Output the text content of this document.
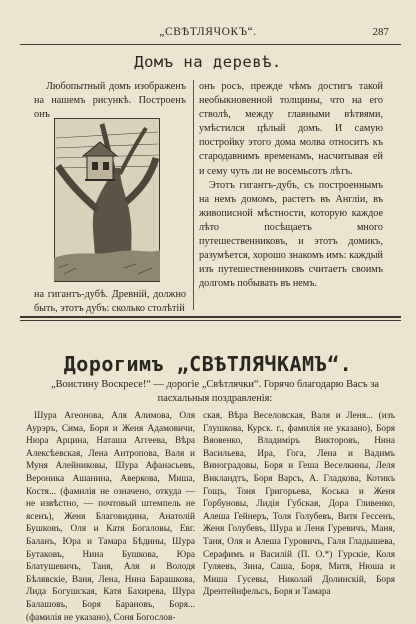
„СВѢТЛЯЧОКЪ“.	287
Домъ на деревѣ.

Любопытный домъ изображенъ на нашемъ рисункѣ. Построенъ онъ

на гигантъ-дубѣ. Древній, должно быть, этотъ дубъ: сколько столѣтій

онъ росъ, прежде чѣмъ достигъ такой необыкновенной толщины, что на его стволѣ, между главными вѣтвями, умѣстился цѣлый домъ. И самую постройку этого дома молва относитъ къ стародавнимъ временамъ, насчитывая ей и сему чуть ли не восемьсотъ лѣтъ.

Этотъ гигантъ-дубъ, съ построеннымъ на немъ домомъ, растетъ въ Англіи, въ живописной мѣстности, которую каждое лѣто посѣщаетъ много путешественниковъ, и этотъ домикъ, разумѣется, хорошо знакомъ имъ: каждый изъ путешественниковъ считаетъ своимъ долгомъ побывать въ немъ.

Дорогимъ „СВѢТЛЯЧКАМЪ“.
„Воистину Воскресе!“ — дорогіе „Свѣтлячки“. Горячо благодарю Васъ за пасхальныя поздравленія:
Шура Агеонова, Аля Алимова, Оля Аурэръ, Сима, Боря и Женя Адамовичи, Нюра Арцина, Наташа Аггеева, Вѣра Алексѣевская, Лена Антропова, Валя и Муня Алейниковы, Шура Афанасьевъ, Вероника Ашанина, Аверкова, Миша, Костя... (фамилія не означено, откуда — не извѣстно, — почтовый штемпель не ясенъ), Женя Благовидина, Анатолій Бушковъ, Оля и Катя Богаловы, Евг. Баланъ, Юра и Тамара Бѣдины, Шура Бутаковъ, Нина Бушкова, Юра Блатушевичъ, Таня, Аля и Володя Бѣлявскіе, Ваня, Лена, Нина Барашкова, Лида Богушская, Катя Бахирева, Шура Балашовъ, Боря Барановъ, Боря... (фамилія не указано), Соня Богослов-
ская, Вѣра Веселовская, Валя и Леня... (изъ Глушкова, Курск. г., фамилія не указано), Боря Вяовенко, Владиміръ Викторовъ, Нина Васильева, Ира, Гога, Лена и Вадимъ Виноградовы, Боря и Геша Веселкины, Леля Викландтъ, Боря Варсъ, А. Гладкова, Котикъ Гощъ, Тоня Григорьева, Коська и Женя Горбуновы, Лидія Губская, Дора Гливенко, Алеша Гейнеръ, Толя Голубевъ, Витя Гессенъ, Женя Голубевъ, Шура и Леня Гуревичъ, Маня, Таня, Оля и Алеша Гуровичъ, Галя Гладышева, Серафимъ и Василій (П. О.*) Гурскіе, Коля Гуляевъ, Зина, Саша, Боря, Митя, Нюша и Миша Гусевы, Николай Долинскій, Боря Дрентейнфельсъ, Боря и Тамара
